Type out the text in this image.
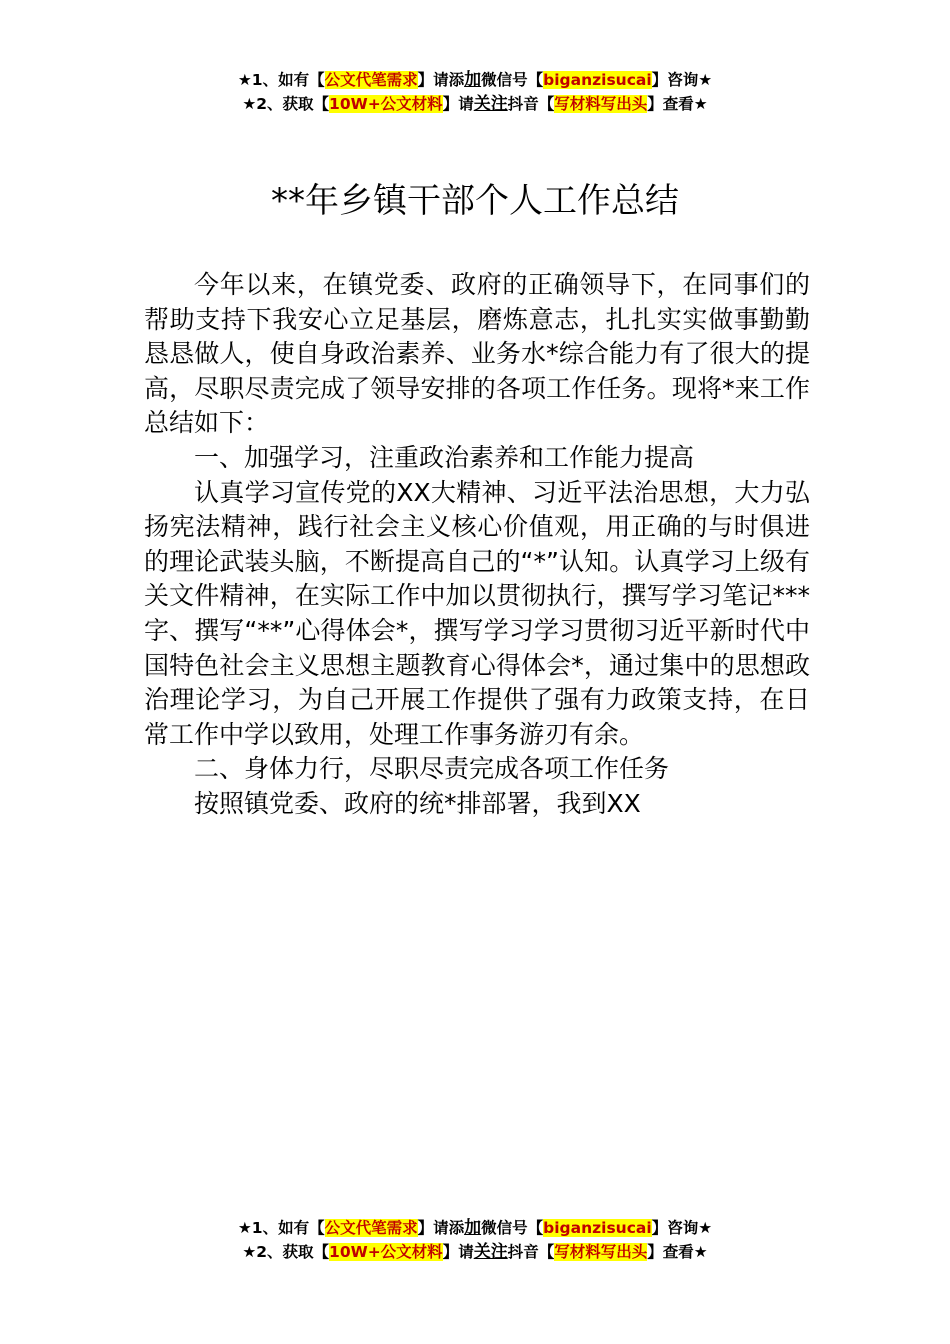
★1、如有【公文代笔需求】请添加微信号【biganzisucai】咨询★
★2、获取【10W+公文材料】请关注抖音【写材料写出头】查看★
**年乡镇干部个人工作总结

今年以来，在镇党委、政府的正确领导下，在同事们的帮助支持下我安心立足基层，磨炼意志，扎扎实实做事勤勤恳恳做人，使自身政治素养、业务水*综合能力有了很大的提高，尽职尽责完成了领导安排的各项工作任务。现将*来工作总结如下：

一、加强学习，注重政治素养和工作能力提高

认真学习宣传党的XX大精神、习近平法治思想，大力弘扬宪法精神，践行社会主义核心价值观，用正确的与时俱进的理论武装头脑，不断提高自己的“*”认知。认真学习上级有关文件精神，在实际工作中加以贯彻执行，撰写学习笔记***字、撰写“**”心得体会*，撰写学习学习贯彻习近平新时代中国特色社会主义思想主题教育心得体会*，通过集中的思想政治理论学习，为自己开展工作提供了强有力政策支持，在日常工作中学以致用，处理工作事务游刃有余。

二、身体力行，尽职尽责完成各项工作任务

按照镇党委、政府的统*排部署，我到XX

★1、如有【公文代笔需求】请添加微信号【biganzisucai】咨询★
★2、获取【10W+公文材料】请关注抖音【写材料写出头】查看★
